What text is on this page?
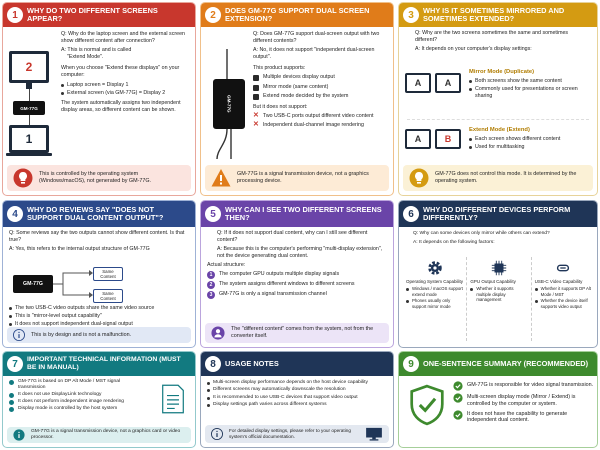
1	WHY DO TWO DIFFERENT SCREENS APPEAR?
2
GM-77G
1

Q: Why do the laptop screen and the external screen show different content after connection?

A: This is normal and is called
"Extend Mode".

When you choose "Extend these displays" on your computer:

Laptop screen = Display 1
External screen (via GM-77G) = Display 2

The system automatically assigns two independent display areas, so different content can be shown.

This is controlled by the operating system (Windows/macOS), not generated by GM-77G.
2	DOES GM-77G SUPPORT DUAL SCREEN EXTENSION?
GM-77G

Q: Does GM-77G support dual-screen output with two different contents?

A: No, it does not support "independent dual-screen output".

This product supports:

Multiple devices display output
Mirror mode (same content)
Extend mode decided by the system

But it does not support:

✕ Two USB-C ports output different video content
✕ Independent dual-channel image rendering
GM-77G is a signal transmission device, not a graphics processing device.
3	WHY IS IT SOMETIMES MIRRORED AND SOMETIMES EXTENDED?

Q: Why are the two screens sometimes the same and sometimes different?

A: It depends on your computer's display settings:

A	A

Mirror Mode (Duplicate)

Both screens show the same content
Commonly used for presentations or screen sharing
A	B

Extend Mode (Extend)

Each screen shows different content
Used for multitasking
GM-77G does not control this mode. It is determined by the operating system.
4	WHY DO REVIEWS SAY "DOES NOT SUPPORT DUAL CONTENT OUTPUT"?

Q: Some reviews say the two outputs cannot show different content. Is that true?

A: Yes, this refers to the internal output structure of GM-77G

GM-77G
Same Content
Same Content
The two USB-C video outputs share the same video source
This is "mirror-level output capability"
It does not support independent dual-signal output
This is by design and is not a malfunction.
5	WHY CAN I SEE TWO DIFFERENT SCREENS THEN?

Q: If it does not support dual content, why can I still see different content?

A: Because this is the computer's performing "multi-display extension", not the device generating dual content.

Actual structure:

1	The computer GPU outputs multiple display signals
2	The system assigns different windows to different screens
3	GM-77G is only a signal transmission channel
The "different content" comes from the system, not from the converter itself.
6	WHY DO DIFFERENT DEVICES PERFORM DIFFERENTLY?

Q: Why can some devices only mirror while others can extend?

A: It depends on the following factors:

Operating System Capability

Windows / macOS support extend mode
Phones usually only support mirror mode

GPU Output Capability

Whether it supports multiple display management

USB-C Video Capability

Whether it supports DP Alt Mode / MST
Whether the device itself supports video output
7	IMPORTANT TECHNICAL INFORMATION (MUST BE IN MANUAL)
GM-77G is based on DP Alt Mode / MST signal transmission
It does not use DisplayLink technology
It does not perform independent image rendering
Display mode is controlled by the host system
GM-77G is a signal transmission device, not a graphics card or video processor.
8	USAGE NOTES
Multi-screen display performance depends on the host device capability
Different screens may automatically downscale the resolution
It is recommended to use USB-C devices that support video output
Display settings path varies across different systems
For detailed display settings, please refer to your operating system's official documentation.
9	ONE-SENTENCE SUMMARY (RECOMMENDED)
GM-77G is responsible for video signal transmission.
Multi-screen display mode (Mirror / Extend) is controlled by the computer or system.
It does not have the capability to generate independent dual content.
